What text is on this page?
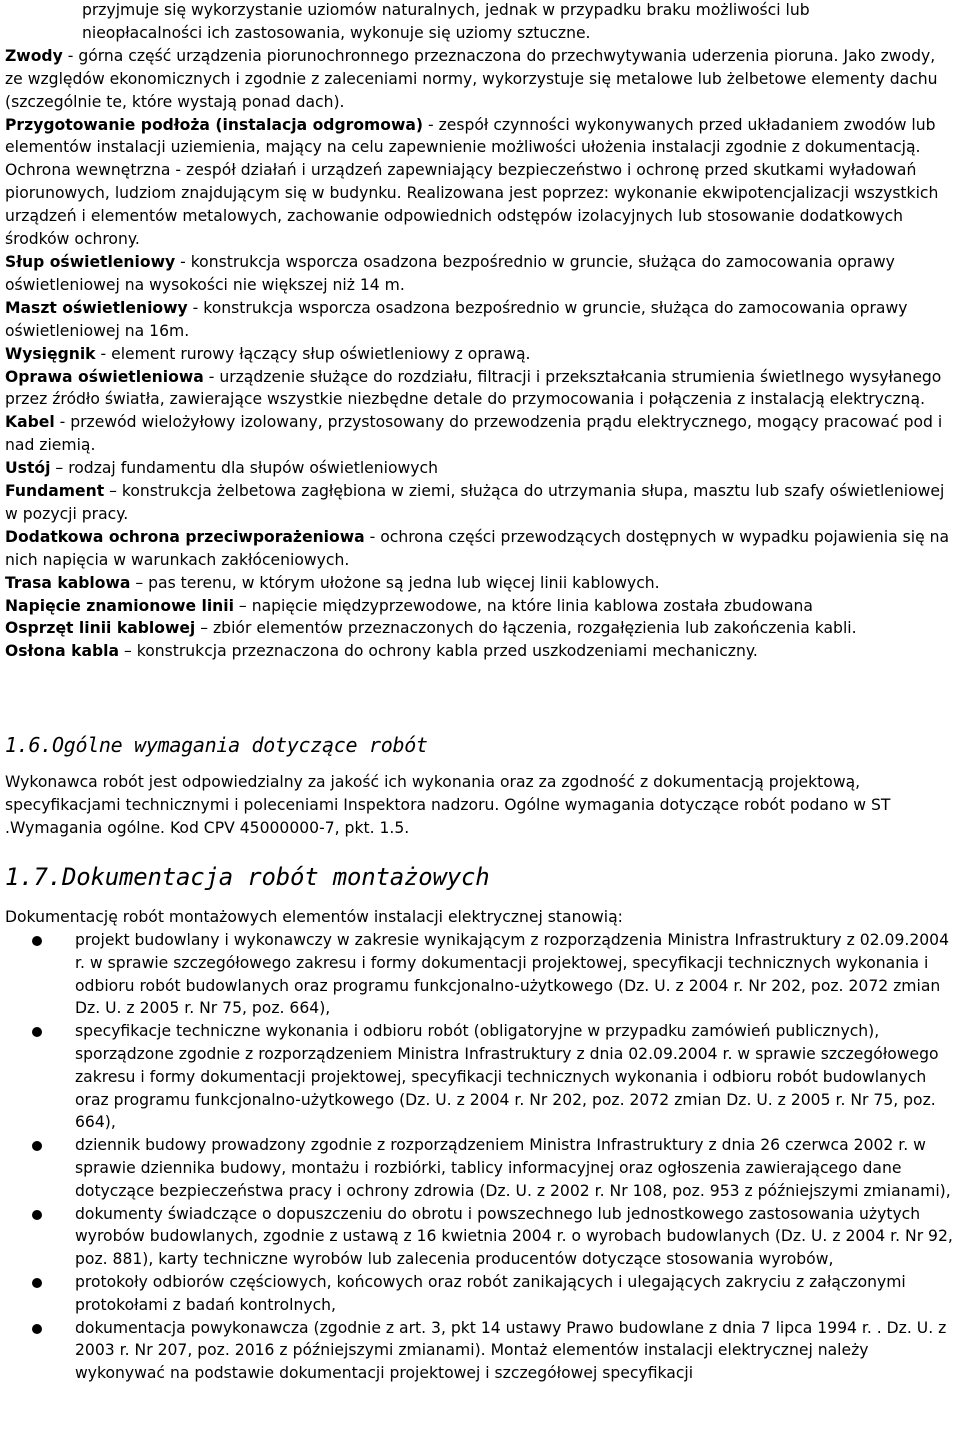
przyjmuje się wykorzystanie uziomów naturalnych, jednak w przypadku braku możliwości lub

nieopłacalności ich zastosowania, wykonuje się uziomy sztuczne.

Zwody - górna część urządzenia piorunochronnego przeznaczona do przechwytywania uderzenia pioruna. Jako zwody, ze względów ekonomicznych i zgodnie z zaleceniami normy, wykorzystuje się metalowe lub żelbetowe elementy dachu (szczególnie te, które wystają ponad dach).

Przygotowanie podłoża (instalacja odgromowa) - zespół czynności wykonywanych przed układaniem zwodów lub elementów instalacji uziemienia, mający na celu zapewnienie możliwości ułożenia instalacji zgodnie z dokumentacją.

Ochrona wewnętrzna - zespół działań i urządzeń zapewniający bezpieczeństwo i ochronę przed skutkami wyładowań piorunowych, ludziom znajdującym się w budynku. Realizowana jest poprzez: wykonanie ekwipotencjalizacji wszystkich urządzeń i elementów metalowych, zachowanie odpowiednich odstępów izolacyjnych lub stosowanie dodatkowych środków ochrony.

Słup oświetleniowy - konstrukcja wsporcza osadzona bezpośrednio w gruncie, służąca do zamocowania oprawy oświetleniowej na wysokości nie większej niż 14 m.

Maszt oświetleniowy - konstrukcja wsporcza osadzona bezpośrednio w gruncie, służąca do zamocowania oprawy oświetleniowej na 16m.

Wysięgnik - element rurowy łączący słup oświetleniowy z oprawą.

Oprawa oświetleniowa - urządzenie służące do rozdziału, filtracji i przekształcania strumienia świetlnego wysyłanego przez źródło światła, zawierające wszystkie niezbędne detale do przymocowania i połączenia z instalacją elektryczną.

Kabel - przewód wielożyłowy izolowany, przystosowany do przewodzenia prądu elektrycznego, mogący pracować pod i nad ziemią.

Ustój – rodzaj fundamentu dla słupów oświetleniowych

Fundament – konstrukcja żelbetowa zagłębiona w ziemi, służąca do utrzymania słupa, masztu lub szafy oświetleniowej w pozycji pracy.

Dodatkowa ochrona przeciwporażeniowa - ochrona części przewodzących dostępnych w wypadku pojawienia się na nich napięcia w warunkach zakłóceniowych.

Trasa kablowa – pas terenu, w którym ułożone są jedna lub więcej linii kablowych.

Napięcie znamionowe linii – napięcie międzyprzewodowe, na które linia kablowa została zbudowana

Osprzęt linii kablowej – zbiór elementów przeznaczonych do łączenia, rozgałęzienia lub zakończenia kabli.

Osłona kabla – konstrukcja przeznaczona do ochrony kabla przed uszkodzeniami mechaniczny.

1.6.Ogólne wymagania dotyczące robót

Wykonawca robót jest odpowiedzialny za jakość ich wykonania oraz za zgodność z dokumentacją projektową, specyfikacjami technicznymi i poleceniami Inspektora nadzoru. Ogólne wymagania dotyczące robót podano w ST .Wymagania ogólne. Kod CPV 45000000-7, pkt. 1.5.

1.7.Dokumentacja robót montażowych

Dokumentację robót montażowych elementów instalacji elektrycznej stanowią:

projekt budowlany i wykonawczy w zakresie wynikającym z rozporządzenia Ministra Infrastruktury z 02.09.2004 r. w sprawie szczegółowego zakresu i formy dokumentacji projektowej, specyfikacji technicznych wykonania i odbioru robót budowlanych oraz programu funkcjonalno-użytkowego (Dz. U. z 2004 r. Nr 202, poz. 2072 zmian Dz. U. z 2005 r. Nr 75, poz. 664),
specyfikacje techniczne wykonania i odbioru robót (obligatoryjne w przypadku zamówień publicznych), sporządzone zgodnie z rozporządzeniem Ministra Infrastruktury z dnia 02.09.2004 r. w sprawie szczegółowego zakresu i formy dokumentacji projektowej, specyfikacji technicznych wykonania i odbioru robót budowlanych oraz programu funkcjonalno-użytkowego (Dz. U. z 2004 r. Nr 202, poz. 2072 zmian Dz. U. z 2005 r. Nr 75, poz. 664),
dziennik budowy prowadzony zgodnie z rozporządzeniem Ministra Infrastruktury z dnia 26 czerwca 2002 r. w sprawie dziennika budowy, montażu i rozbiórki, tablicy informacyjnej oraz ogłoszenia zawierającego dane dotyczące bezpieczeństwa pracy i ochrony zdrowia (Dz. U. z 2002 r. Nr 108, poz. 953 z późniejszymi zmianami),
dokumenty świadczące o dopuszczeniu do obrotu i powszechnego lub jednostkowego zastosowania użytych wyrobów budowlanych, zgodnie z ustawą z 16 kwietnia 2004 r. o wyrobach budowlanych (Dz. U. z 2004 r. Nr 92, poz. 881), karty techniczne wyrobów lub zalecenia producentów dotyczące stosowania wyrobów,
protokoły odbiorów częściowych, końcowych oraz robót zanikających i ulegających zakryciu z załączonymi protokołami z badań kontrolnych,
dokumentacja powykonawcza (zgodnie z art. 3, pkt 14 ustawy Prawo budowlane z dnia 7 lipca 1994 r. . Dz. U. z 2003 r. Nr 207, poz. 2016 z późniejszymi zmianami). Montaż elementów instalacji elektrycznej należy wykonywać na podstawie dokumentacji projektowej i szczegółowej specyfikacji
